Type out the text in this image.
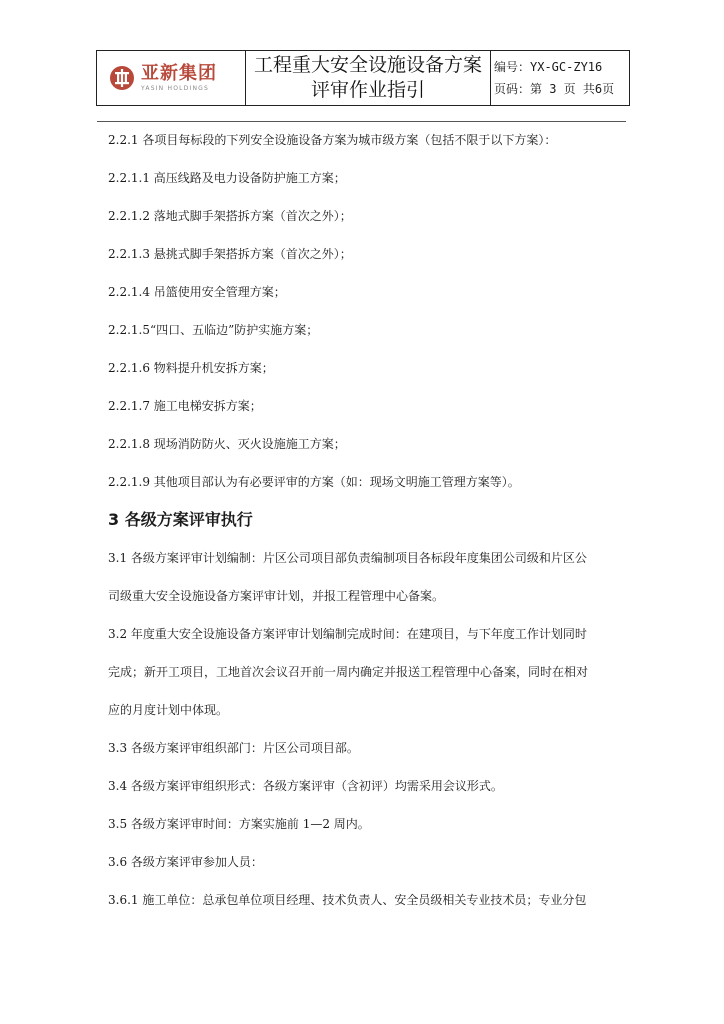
亚新集团
YASIN HOLDINGS

工程重大安全设施设备方案
评审作业指引

编号：YX-GC-ZY16
页码：第 3 页 共6页

2.2.1 各项目每标段的下列安全设施设备方案为城市级方案（包括不限于以下方案）：

2.2.1.1 高压线路及电力设备防护施工方案；

2.2.1.2 落地式脚手架搭拆方案（首次之外）；

2.2.1.3 悬挑式脚手架搭拆方案（首次之外）；

2.2.1.4 吊篮使用安全管理方案；

2.2.1.5“四口、五临边”防护实施方案；

2.2.1.6 物料提升机安拆方案；

2.2.1.7 施工电梯安拆方案；

2.2.1.8 现场消防防火、灭火设施施工方案；

2.2.1.9 其他项目部认为有必要评审的方案（如：现场文明施工管理方案等）。

3 各级方案评审执行

3.1 各级方案评审计划编制：片区公司项目部负责编制项目各标段年度集团公司级和片区公

司级重大安全设施设备方案评审计划，并报工程管理中心备案。

3.2 年度重大安全设施设备方案评审计划编制完成时间：在建项目，与下年度工作计划同时

完成；新开工项目，工地首次会议召开前一周内确定并报送工程管理中心备案，同时在相对

应的月度计划中体现。

3.3 各级方案评审组织部门：片区公司项目部。

3.4 各级方案评审组织形式：各级方案评审（含初评）均需采用会议形式。

3.5 各级方案评审时间：方案实施前 1—2 周内。

3.6 各级方案评审参加人员：

3.6.1 施工单位：总承包单位项目经理、技术负责人、安全员级相关专业技术员；专业分包
